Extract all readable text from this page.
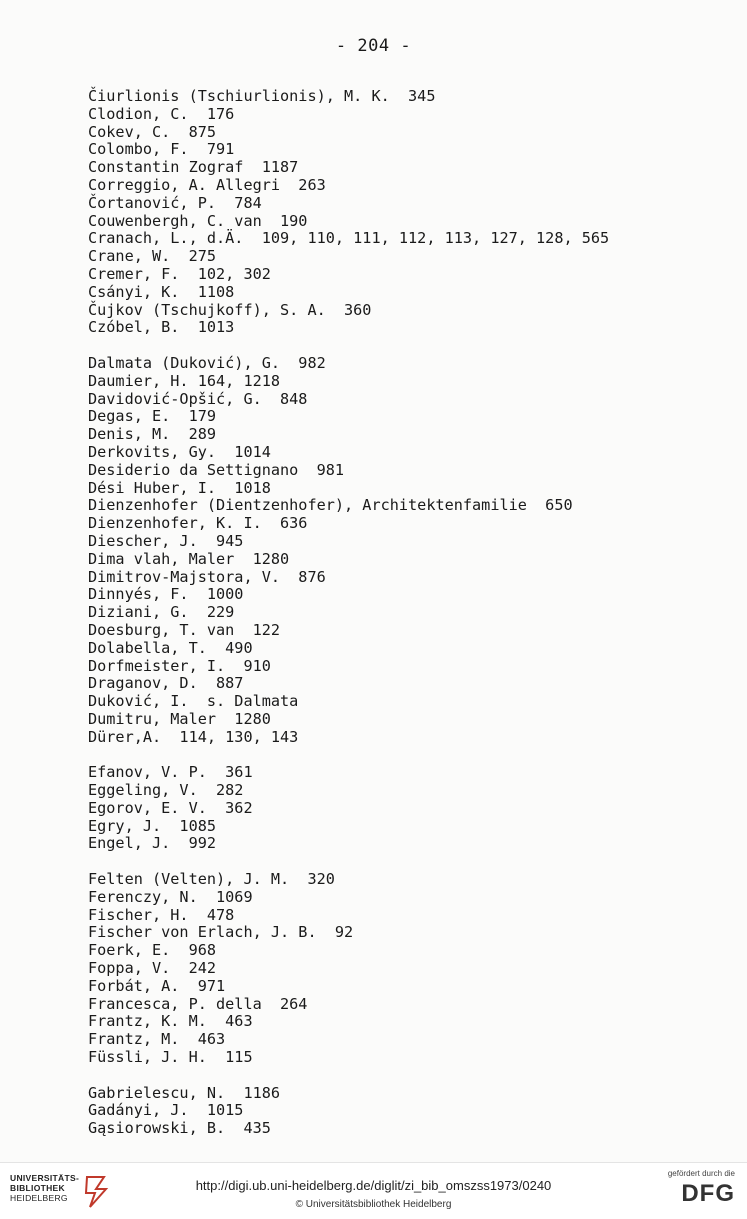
- 204 -
Čiurlionis (Tschiurlionis), M. K.  345
Clodion, C.  176
Cokev, C.  875
Colombo, F.  791
Constantin Zograf  1187
Correggio, A. Allegri  263
Čortanović, P.  784
Couwenbergh, C. van  190
Cranach, L., d.Ä.  109, 110, 111, 112, 113, 127, 128, 565
Crane, W.  275
Cremer, F.  102, 302
Csányi, K.  1108
Čujkov (Tschujkoff), S. A.  360
Czóbel, B.  1013
Dalmata (Duković), G.  982
Daumier, H. 164, 1218
Davidović-Opšić, G.  848
Degas, E.  179
Denis, M.  289
Derkovits, Gy.  1014
Desiderio da Settignano  981
Dési Huber, I.  1018
Dienzenhofer (Dientzenhofer), Architektenfamilie  650
Dienzenhofer, K. I.  636
Diescher, J.  945
Dima vlah, Maler  1280
Dimitrov-Majstora, V.  876
Dinnyés, F.  1000
Diziani, G.  229
Doesburg, T. van  122
Dolabella, T.  490
Dorfmeister, I.  910
Draganov, D.  887
Duković, I.  s. Dalmata
Dumitru, Maler  1280
Dürer,A.  114, 130, 143
Efanov, V. P.  361
Eggeling, V.  282
Egorov, E. V.  362
Egry, J.  1085
Engel, J.  992
Felten (Velten), J. M.  320
Ferenczy, N.  1069
Fischer, H.  478
Fischer von Erlach, J. B.  92
Foerk, E.  968
Foppa, V.  242
Forbát, A.  971
Francesca, P. della  264
Frantz, K. M.  463
Frantz, M.  463
Füssli, J. H.  115
Gabrielescu, N.  1186
Gadányi, J.  1015
Gąsiorowski, B.  435
UNIVERSITÄTS-
BIBLIOTHEK
HEIDELBERG
http://digi.ub.uni-heidelberg.de/diglit/zi_bib_omszss1973/0240
© Universitätsbibliothek Heidelberg
gefördert durch die
DFG
